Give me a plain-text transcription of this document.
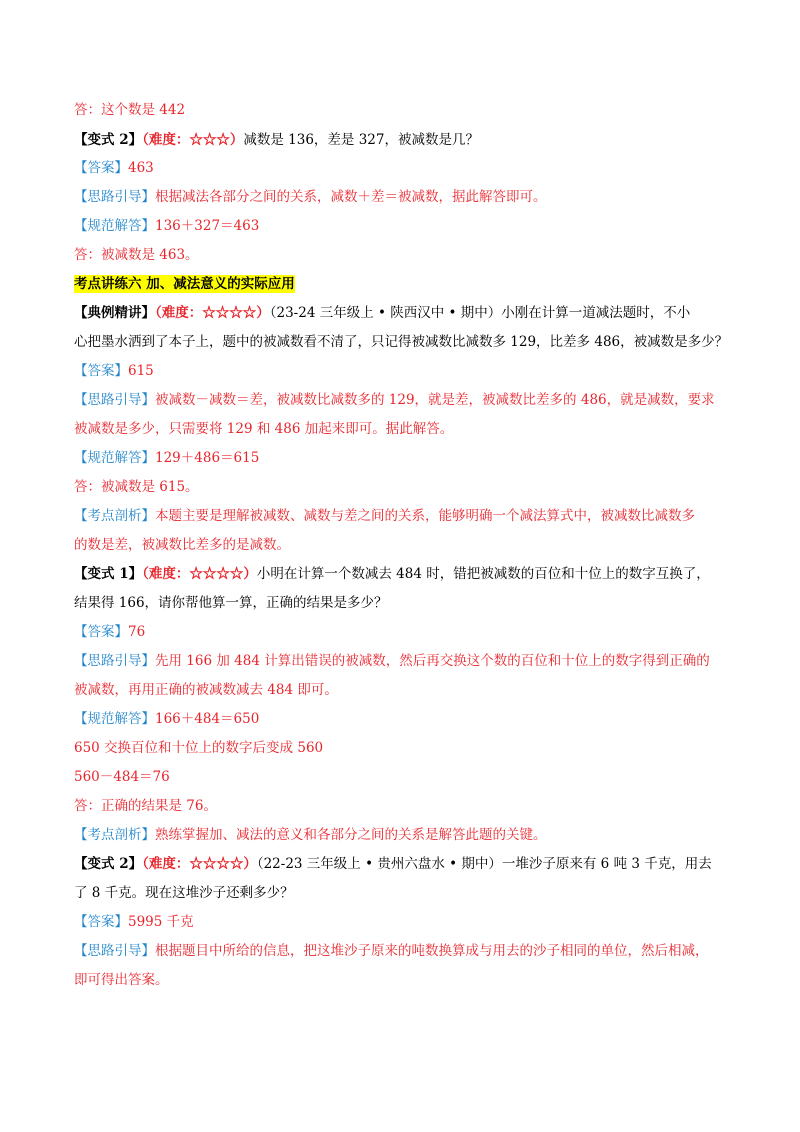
答：这个数是 442
【变式 2】（难度：☆☆☆）减数是 136，差是 327，被减数是几？
【答案】463
【思路引导】根据减法各部分之间的关系，减数＋差＝被减数，据此解答即可。
【规范解答】136＋327＝463
答：被减数是 463。
考点讲练六 加、减法意义的实际应用
【典例精讲】（难度：☆☆☆☆）（23-24 三年级上 • 陕西汉中 • 期中）小刚在计算一道减法题时，不小
心把墨水洒到了本子上，题中的被减数看不清了，只记得被减数比减数多 129，比差多 486，被减数是多少？
【答案】615
【思路引导】被减数－减数＝差，被减数比减数多的 129，就是差，被减数比差多的 486，就是减数，要求
被减数是多少，只需要将 129 和 486 加起来即可。据此解答。
【规范解答】129＋486＝615
答：被减数是 615。
【考点剖析】本题主要是理解被减数、减数与差之间的关系，能够明确一个减法算式中，被减数比减数多
的数是差，被减数比差多的是减数。
【变式 1】（难度：☆☆☆☆）小明在计算一个数减去 484 时，错把被减数的百位和十位上的数字互换了，
结果得 166，请你帮他算一算，正确的结果是多少？
【答案】76
【思路引导】先用 166 加 484 计算出错误的被减数，然后再交换这个数的百位和十位上的数字得到正确的
被减数，再用正确的被减数减去 484 即可。
【规范解答】166＋484＝650
650 交换百位和十位上的数字后变成 560
560－484＝76
答：正确的结果是 76。
【考点剖析】熟练掌握加、减法的意义和各部分之间的关系是解答此题的关键。
【变式 2】（难度：☆☆☆☆）（22-23 三年级上 • 贵州六盘水 • 期中）一堆沙子原来有 6 吨 3 千克，用去
了 8 千克。现在这堆沙子还剩多少？
【答案】5995 千克
【思路引导】根据题目中所给的信息，把这堆沙子原来的吨数换算成与用去的沙子相同的单位，然后相减，
即可得出答案。
